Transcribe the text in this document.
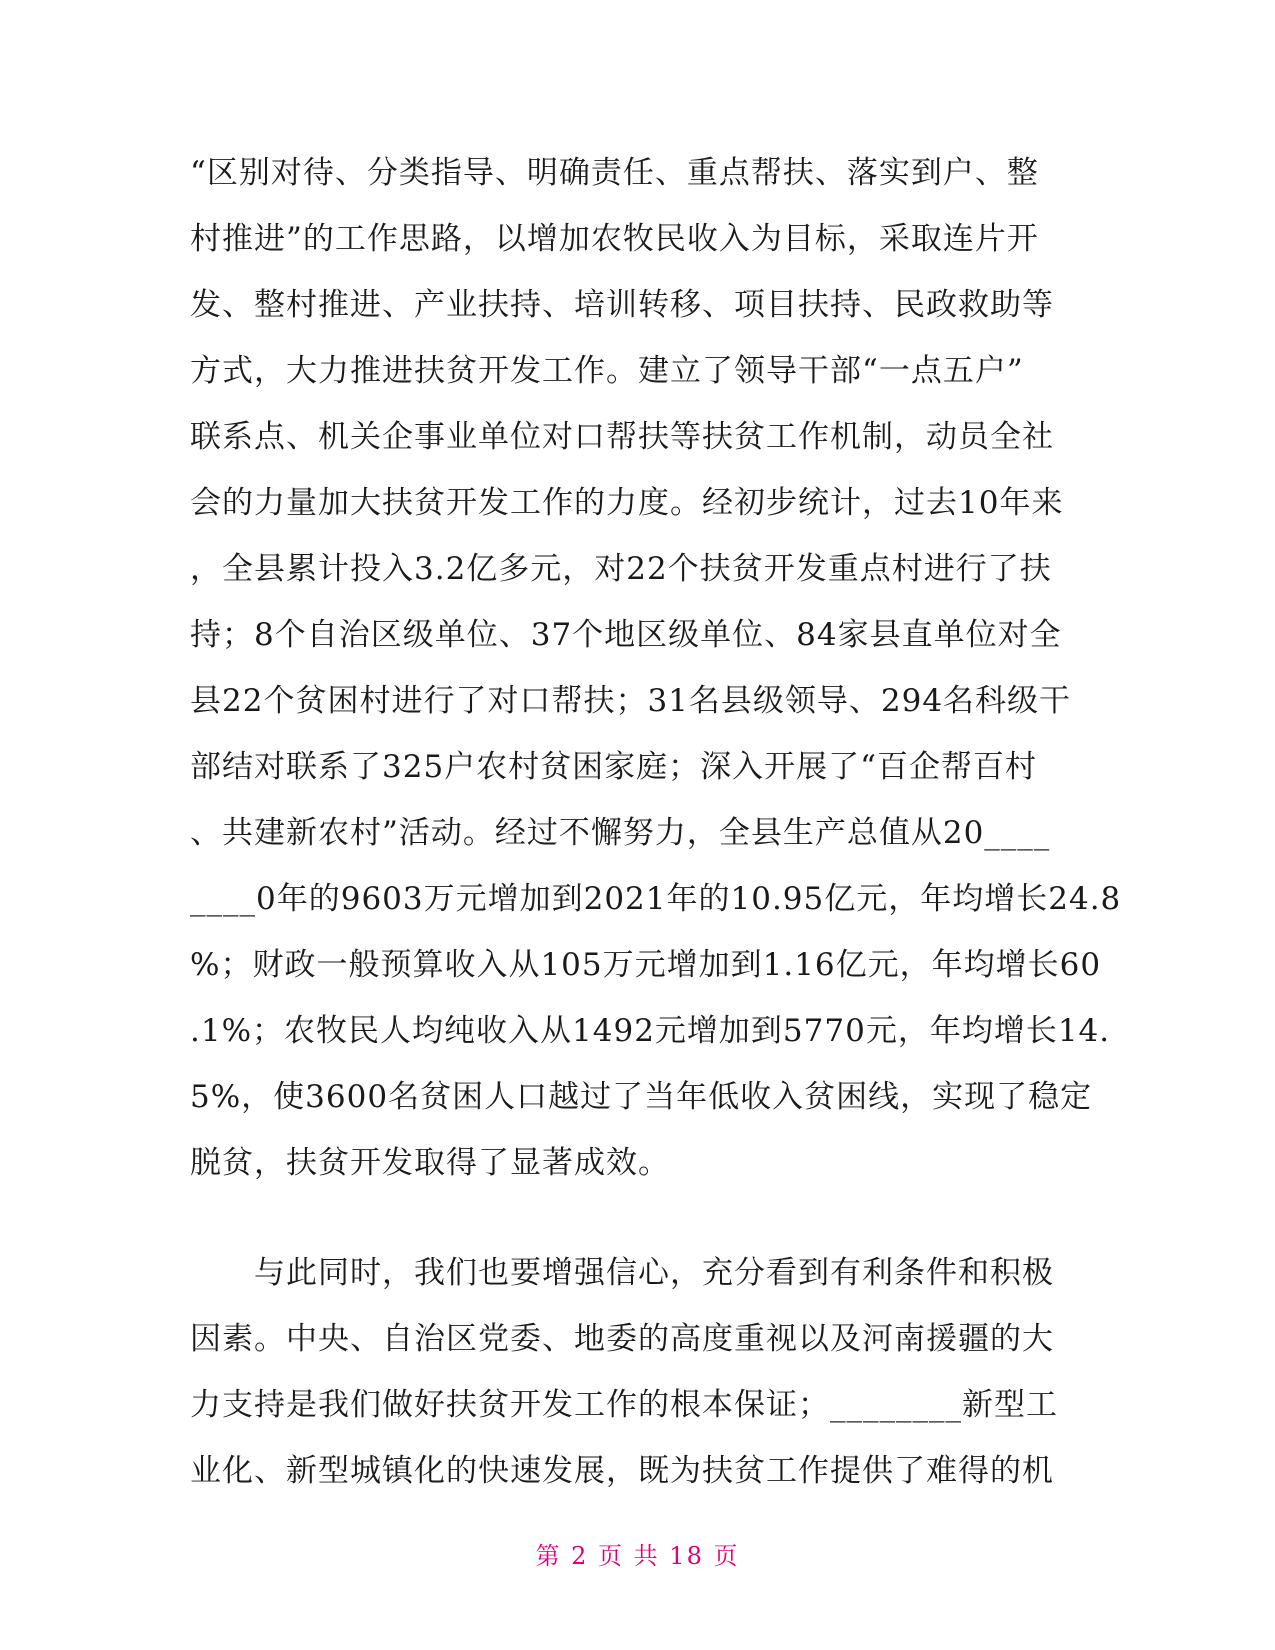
“区别对待、分类指导、明确责任、重点帮扶、落实到户、整
村推进”的工作思路，以增加农牧民收入为目标，采取连片开
发、整村推进、产业扶持、培训转移、项目扶持、民政救助等
方式，大力推进扶贫开发工作。建立了领导干部“一点五户”
联系点、机关企事业单位对口帮扶等扶贫工作机制，动员全社
会的力量加大扶贫开发工作的力度。经初步统计，过去10年来
，全县累计投入3.2亿多元，对22个扶贫开发重点村进行了扶
持；8个自治区级单位、37个地区级单位、84家县直单位对全
县22个贫困村进行了对口帮扶；31名县级领导、294名科级干
部结对联系了325户农村贫困家庭；深入开展了“百企帮百村
、共建新农村”活动。经过不懈努力，全县生产总值从20____
____0年的9603万元增加到2021年的10.95亿元，年均增长24.8
%；财政一般预算收入从105万元增加到1.16亿元，年均增长60
.1%；农牧民人均纯收入从1492元增加到5770元，年均增长14.
5%，使3600名贫困人口越过了当年低收入贫困线，实现了稳定
脱贫，扶贫开发取得了显著成效。
　　与此同时，我们也要增强信心，充分看到有利条件和积极
因素。中央、自治区党委、地委的高度重视以及河南援疆的大
力支持是我们做好扶贫开发工作的根本保证；________新型工
业化、新型城镇化的快速发展，既为扶贫工作提供了难得的机
第 2 页 共 18 页
